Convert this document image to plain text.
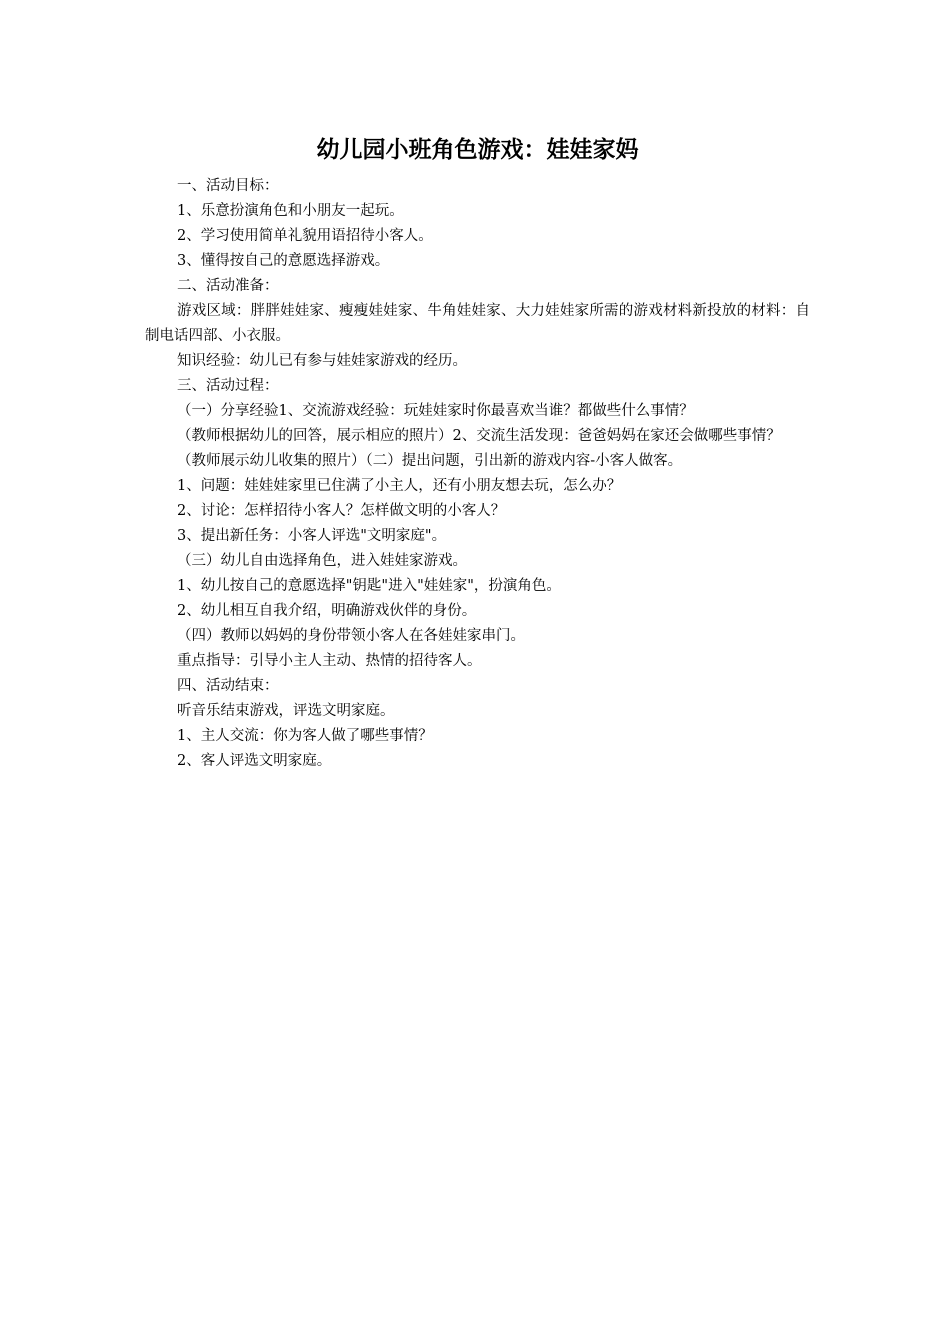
幼儿园小班角色游戏：娃娃家妈

一、活动目标：

1、乐意扮演角色和小朋友一起玩。

2、学习使用简单礼貌用语招待小客人。

3、懂得按自己的意愿选择游戏。

二、活动准备：

游戏区域：胖胖娃娃家、瘦瘦娃娃家、牛角娃娃家、大力娃娃家所需的游戏材料新投放的材料：自制电话四部、小衣服。

知识经验：幼儿已有参与娃娃家游戏的经历。

三、活动过程：

（一）分享经验1、交流游戏经验：玩娃娃家时你最喜欢当谁？都做些什么事情？

（教师根据幼儿的回答，展示相应的照片）2、交流生活发现：爸爸妈妈在家还会做哪些事情？

（教师展示幼儿收集的照片）（二）提出问题，引出新的游戏内容-小客人做客。

1、问题：娃娃娃家里已住满了小主人，还有小朋友想去玩，怎么办？

2、讨论：怎样招待小客人？怎样做文明的小客人？

3、提出新任务：小客人评选"文明家庭"。

（三）幼儿自由选择角色，进入娃娃家游戏。

1、幼儿按自己的意愿选择"钥匙"进入"娃娃家"，扮演角色。

2、幼儿相互自我介绍，明确游戏伙伴的身份。

（四）教师以妈妈的身份带领小客人在各娃娃家串门。

重点指导：引导小主人主动、热情的招待客人。

四、活动结束：

听音乐结束游戏，评选文明家庭。

1、主人交流：你为客人做了哪些事情？

2、客人评选文明家庭。
